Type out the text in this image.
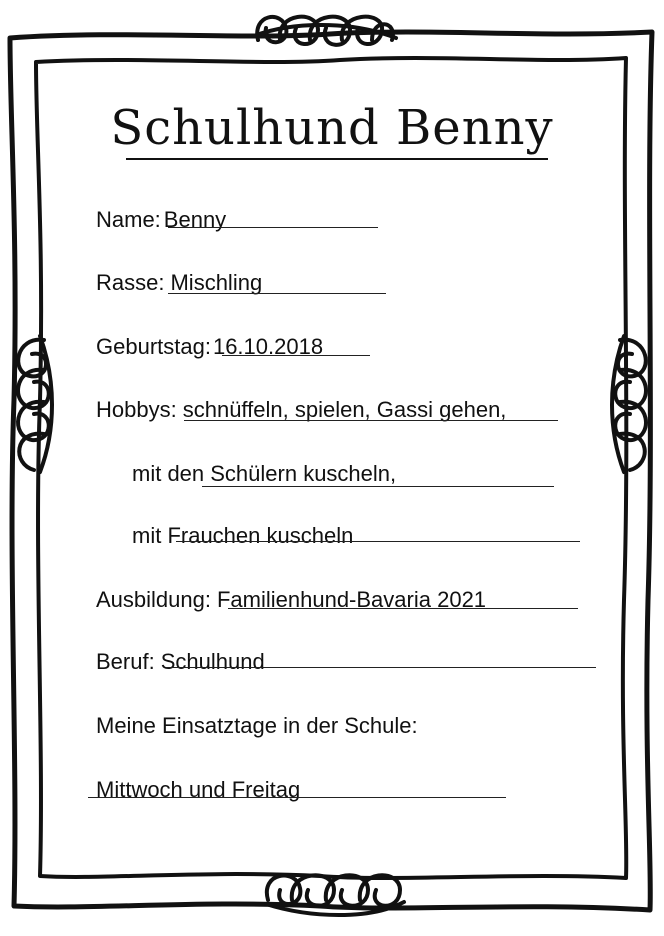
Schulhund Benny
Name: Benny
Rasse: Mischling
Geburtstag:16.10.2018
Hobbys: schnüffeln, spielen, Gassi gehen,
mit den Schülern kuscheln,
mit Frauchen kuscheln
Ausbildung: Familienhund-Bavaria 2021
Beruf: Schulhund
Meine Einsatztage in der Schule:
Mittwoch und Freitag
